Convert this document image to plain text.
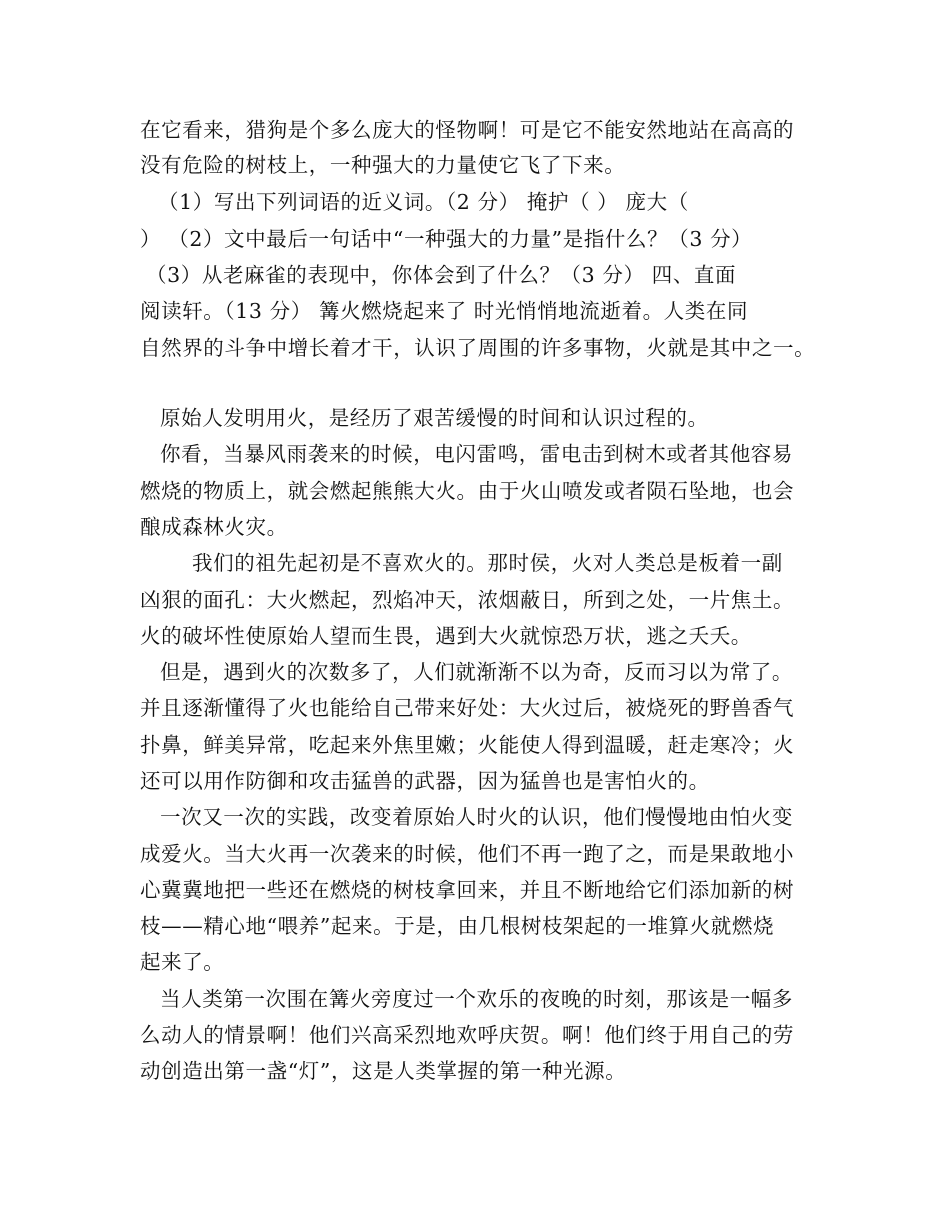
在它看来，猎狗是个多么庞大的怪物啊！可是它不能安然地站在高高的
没有危险的树枝上，一种强大的力量使它飞了下来。
（1）写出下列词语的近义词。（2 分） 掩护（ ） 庞大（
） （2）文中最后一句话中“一种强大的力量”是指什么？（3 分）
（3）从老麻雀的表现中，你体会到了什么？（3 分） 四、直面
阅读轩。（13 分） 篝火燃烧起来了 时光悄悄地流逝着。人类在同
自然界的斗争中增长着才干，认识了周围的许多事物，火就是其中之一。
原始人发明用火，是经历了艰苦缓慢的时间和认识过程的。
你看，当暴风雨袭来的时候，电闪雷鸣，雷电击到树木或者其他容易
燃烧的物质上，就会燃起熊熊大火。由于火山喷发或者陨石坠地，也会
酿成森林火灾。
我们的祖先起初是不喜欢火的。那时侯，火对人类总是板着一副
凶狠的面孔：大火燃起，烈焰冲天，浓烟蔽日，所到之处，一片焦土。
火的破坏性使原始人望而生畏，遇到大火就惊恐万状，逃之夭夭。
但是，遇到火的次数多了，人们就渐渐不以为奇，反而习以为常了。
并且逐渐懂得了火也能给自己带来好处：大火过后，被烧死的野兽香气
扑鼻，鲜美异常，吃起来外焦里嫩；火能使人得到温暖，赶走寒冷；火
还可以用作防御和攻击猛兽的武器，因为猛兽也是害怕火的。
一次又一次的实践，改变着原始人时火的认识，他们慢慢地由怕火变
成爱火。当大火再一次袭来的时候，他们不再一跑了之，而是果敢地小
心冀冀地把一些还在燃烧的树枝拿回来，并且不断地给它们添加新的树
枝——精心地“喂养”起来。于是，由几根树枝架起的一堆算火就燃烧
起来了。
当人类第一次围在篝火旁度过一个欢乐的夜晚的时刻，那该是一幅多
么动人的情景啊！他们兴高采烈地欢呼庆贺。啊！他们终于用自己的劳
动创造出第一盏“灯”，这是人类掌握的第一种光源。
